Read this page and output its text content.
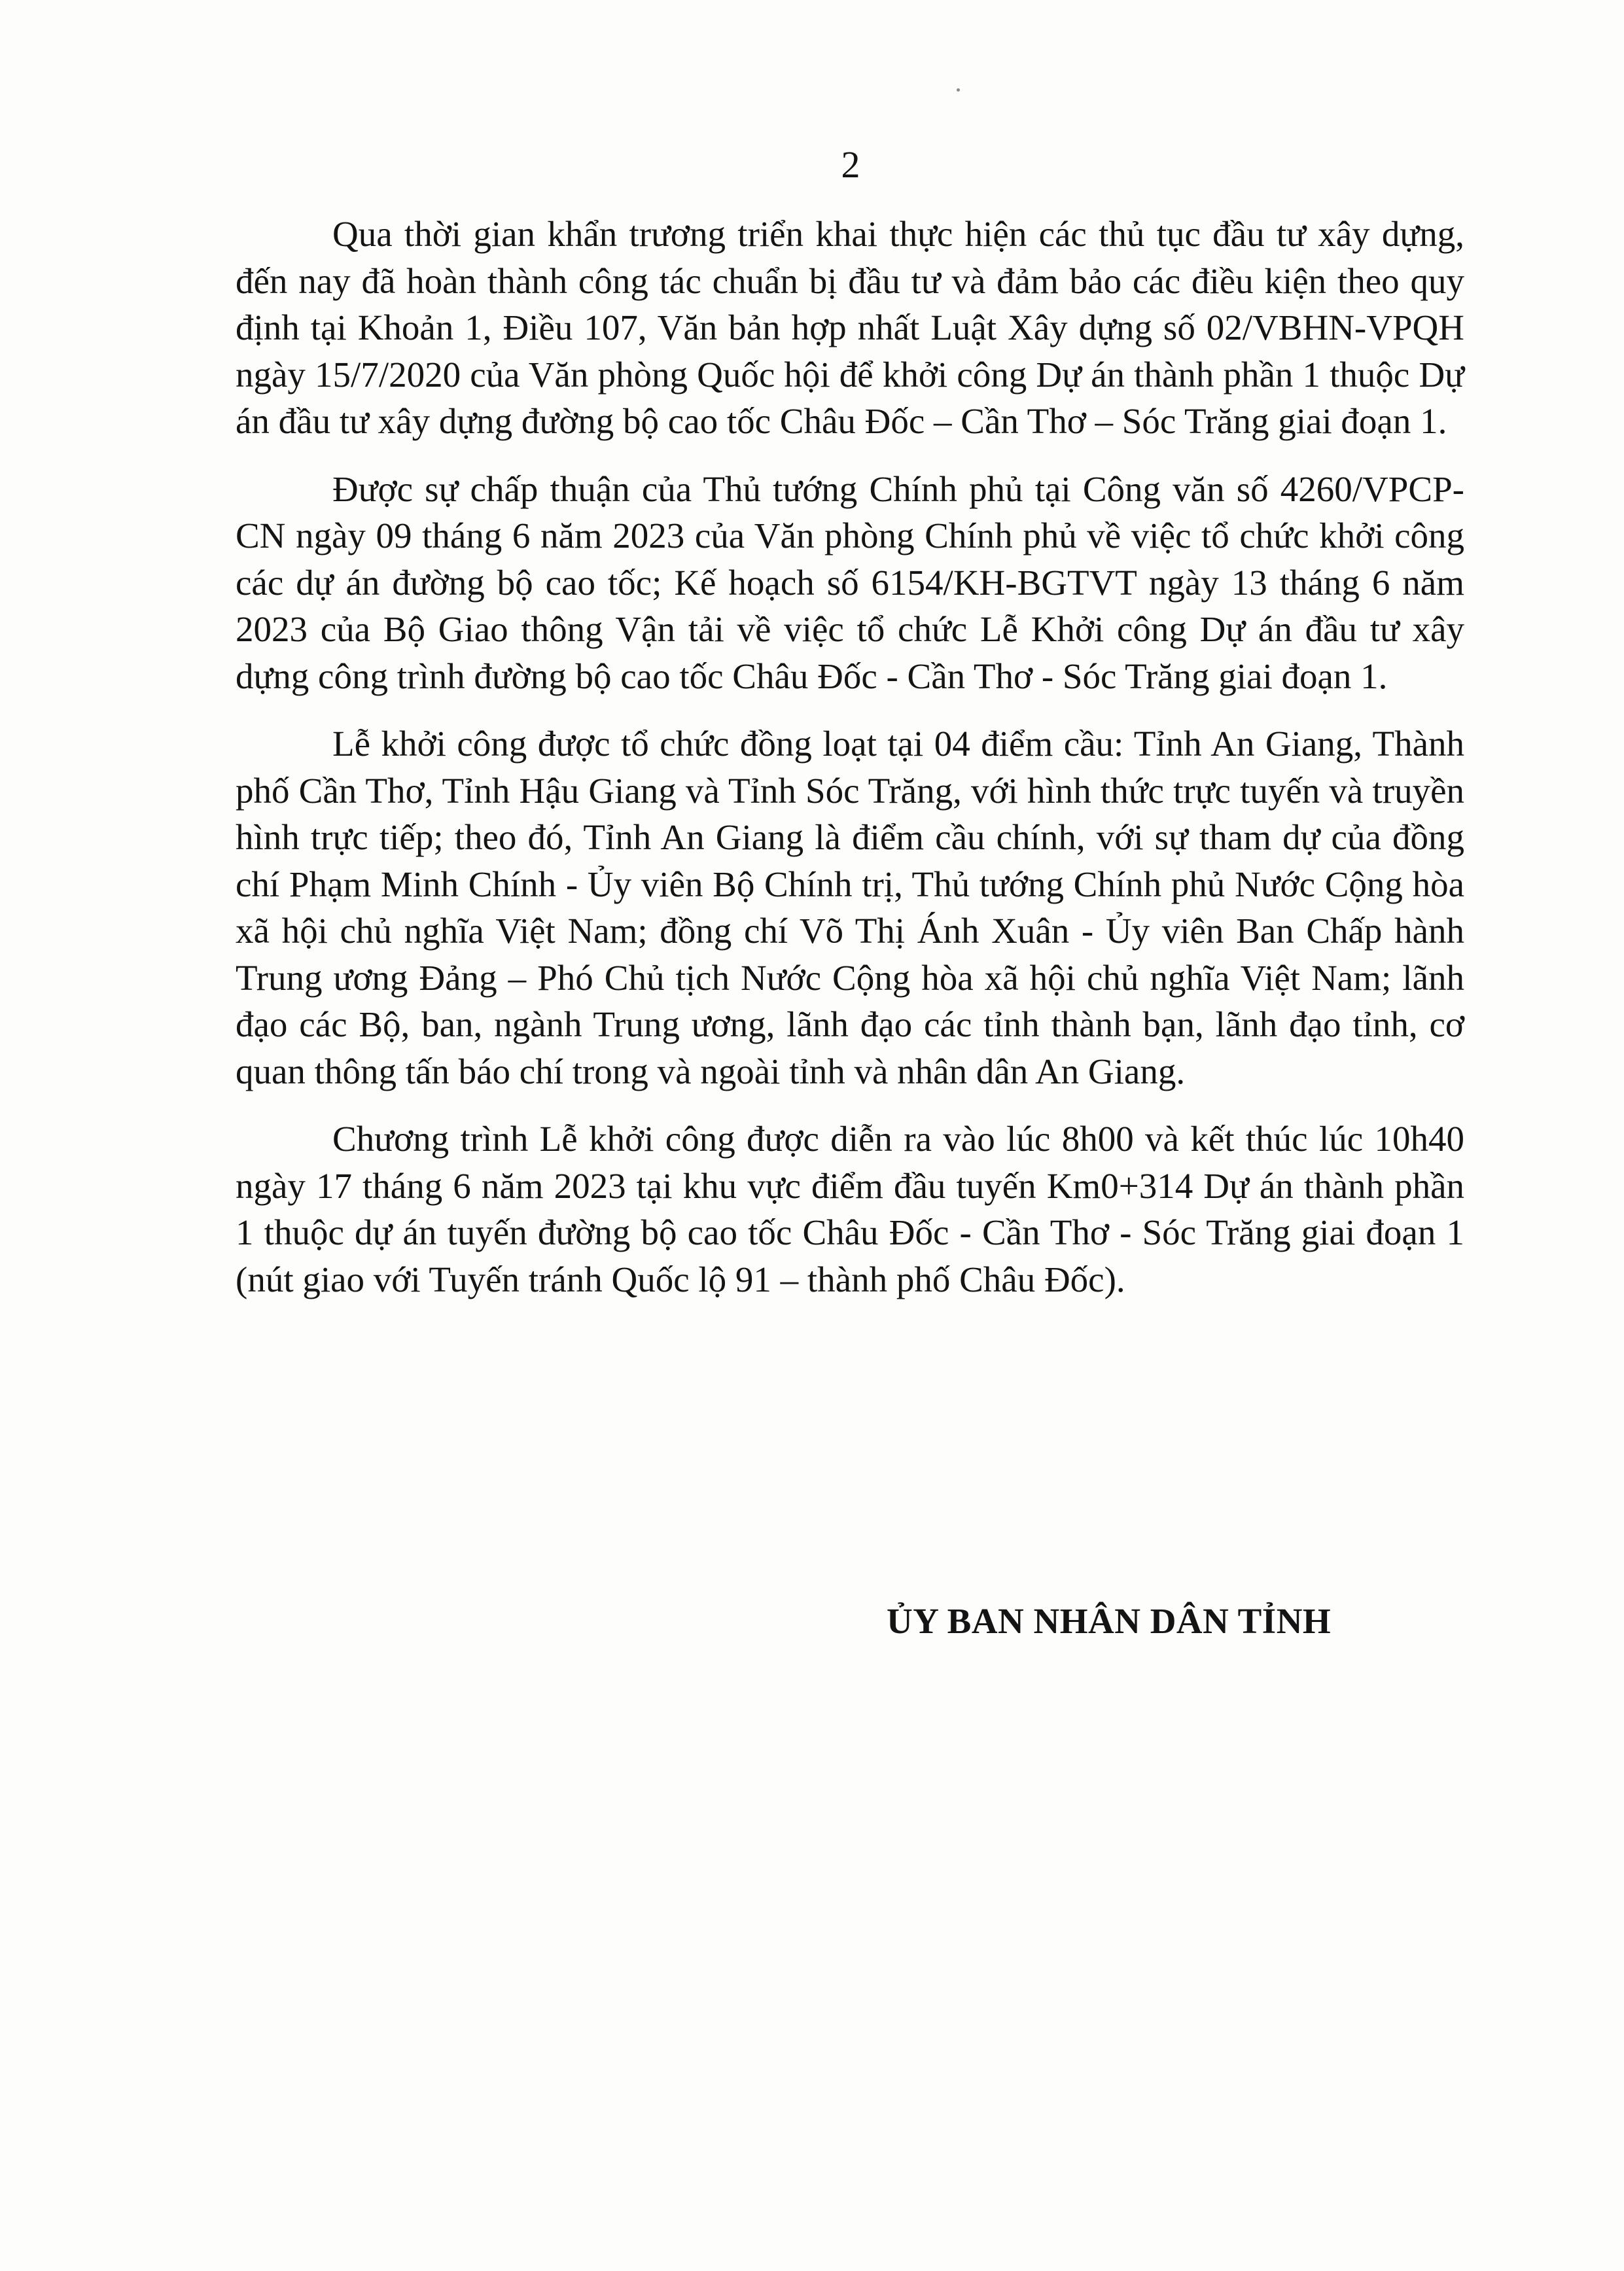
2

Qua thời gian khẩn trương triển khai thực hiện các thủ tục đầu tư xây dựng, đến nay đã hoàn thành công tác chuẩn bị đầu tư và đảm bảo các điều kiện theo quy định tại Khoản 1, Điều 107, Văn bản hợp nhất Luật Xây dựng số 02/VBHN-VPQH ngày 15/7/2020 của Văn phòng Quốc hội để khởi công Dự án thành phần 1 thuộc Dự án đầu tư xây dựng đường bộ cao tốc Châu Đốc – Cần Thơ – Sóc Trăng giai đoạn 1.

Được sự chấp thuận của Thủ tướng Chính phủ tại Công văn số 4260/VPCP-CN ngày 09 tháng 6 năm 2023 của Văn phòng Chính phủ về việc tổ chức khởi công các dự án đường bộ cao tốc; Kế hoạch số 6154/KH-BGTVT ngày 13 tháng 6 năm 2023 của Bộ Giao thông Vận tải về việc tổ chức Lễ Khởi công Dự án đầu tư xây dựng công trình đường bộ cao tốc Châu Đốc - Cần Thơ - Sóc Trăng giai đoạn 1.

Lễ khởi công được tổ chức đồng loạt tại 04 điểm cầu: Tỉnh An Giang, Thành phố Cần Thơ, Tỉnh Hậu Giang và Tỉnh Sóc Trăng, với hình thức trực tuyến và truyền hình trực tiếp; theo đó, Tỉnh An Giang là điểm cầu chính, với sự tham dự của đồng chí Phạm Minh Chính - Ủy viên Bộ Chính trị, Thủ tướng Chính phủ Nước Cộng hòa xã hội chủ nghĩa Việt Nam; đồng chí Võ Thị Ánh Xuân - Ủy viên Ban Chấp hành Trung ương Đảng – Phó Chủ tịch Nước Cộng hòa xã hội chủ nghĩa Việt Nam; lãnh đạo các Bộ, ban, ngành Trung ương, lãnh đạo các tỉnh thành bạn, lãnh đạo tỉnh, cơ quan thông tấn báo chí trong và ngoài tỉnh và nhân dân An Giang.

Chương trình Lễ khởi công được diễn ra vào lúc 8h00 và kết thúc lúc 10h40 ngày 17 tháng 6 năm 2023 tại khu vực điểm đầu tuyến Km0+314 Dự án thành phần 1 thuộc dự án tuyến đường bộ cao tốc Châu Đốc - Cần Thơ - Sóc Trăng giai đoạn 1 (nút giao với Tuyến tránh Quốc lộ 91 – thành phố Châu Đốc).

ỦY BAN NHÂN DÂN TỈNH
